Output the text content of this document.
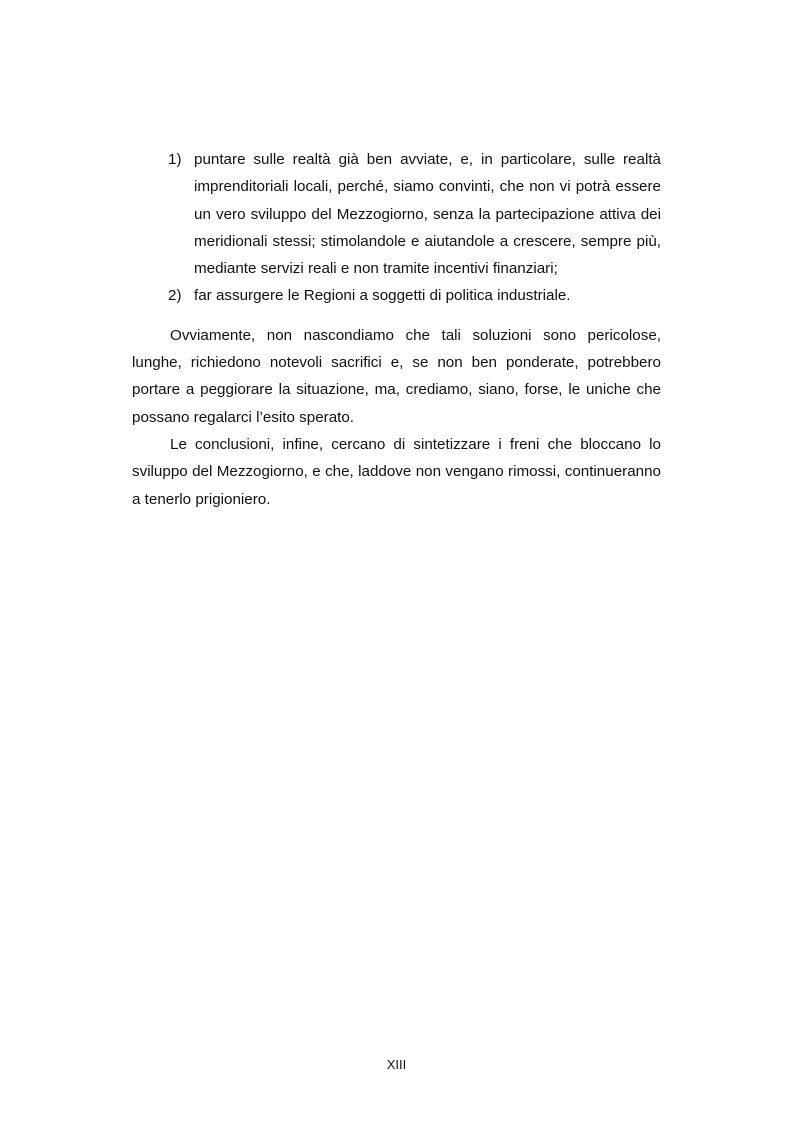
1) puntare sulle realtà già ben avviate, e, in particolare, sulle realtà imprenditoriali locali, perché, siamo convinti, che non vi potrà essere un vero sviluppo del Mezzogiorno, senza la partecipazione attiva dei meridionali stessi; stimolandole e aiutandole a crescere, sempre più, mediante servizi reali e non tramite incentivi finanziari;
2) far assurgere le Regioni a soggetti di politica industriale.

Ovviamente, non nascondiamo che tali soluzioni sono pericolose, lunghe, richiedono notevoli sacrifici e, se non ben ponderate, potrebbero portare a peggiorare la situazione, ma, crediamo, siano, forse, le uniche che possano regalarci l’esito sperato.

Le conclusioni, infine, cercano di sintetizzare i freni che bloccano lo sviluppo del Mezzogiorno, e che, laddove non vengano rimossi, continueranno a tenerlo prigioniero.

XIII
